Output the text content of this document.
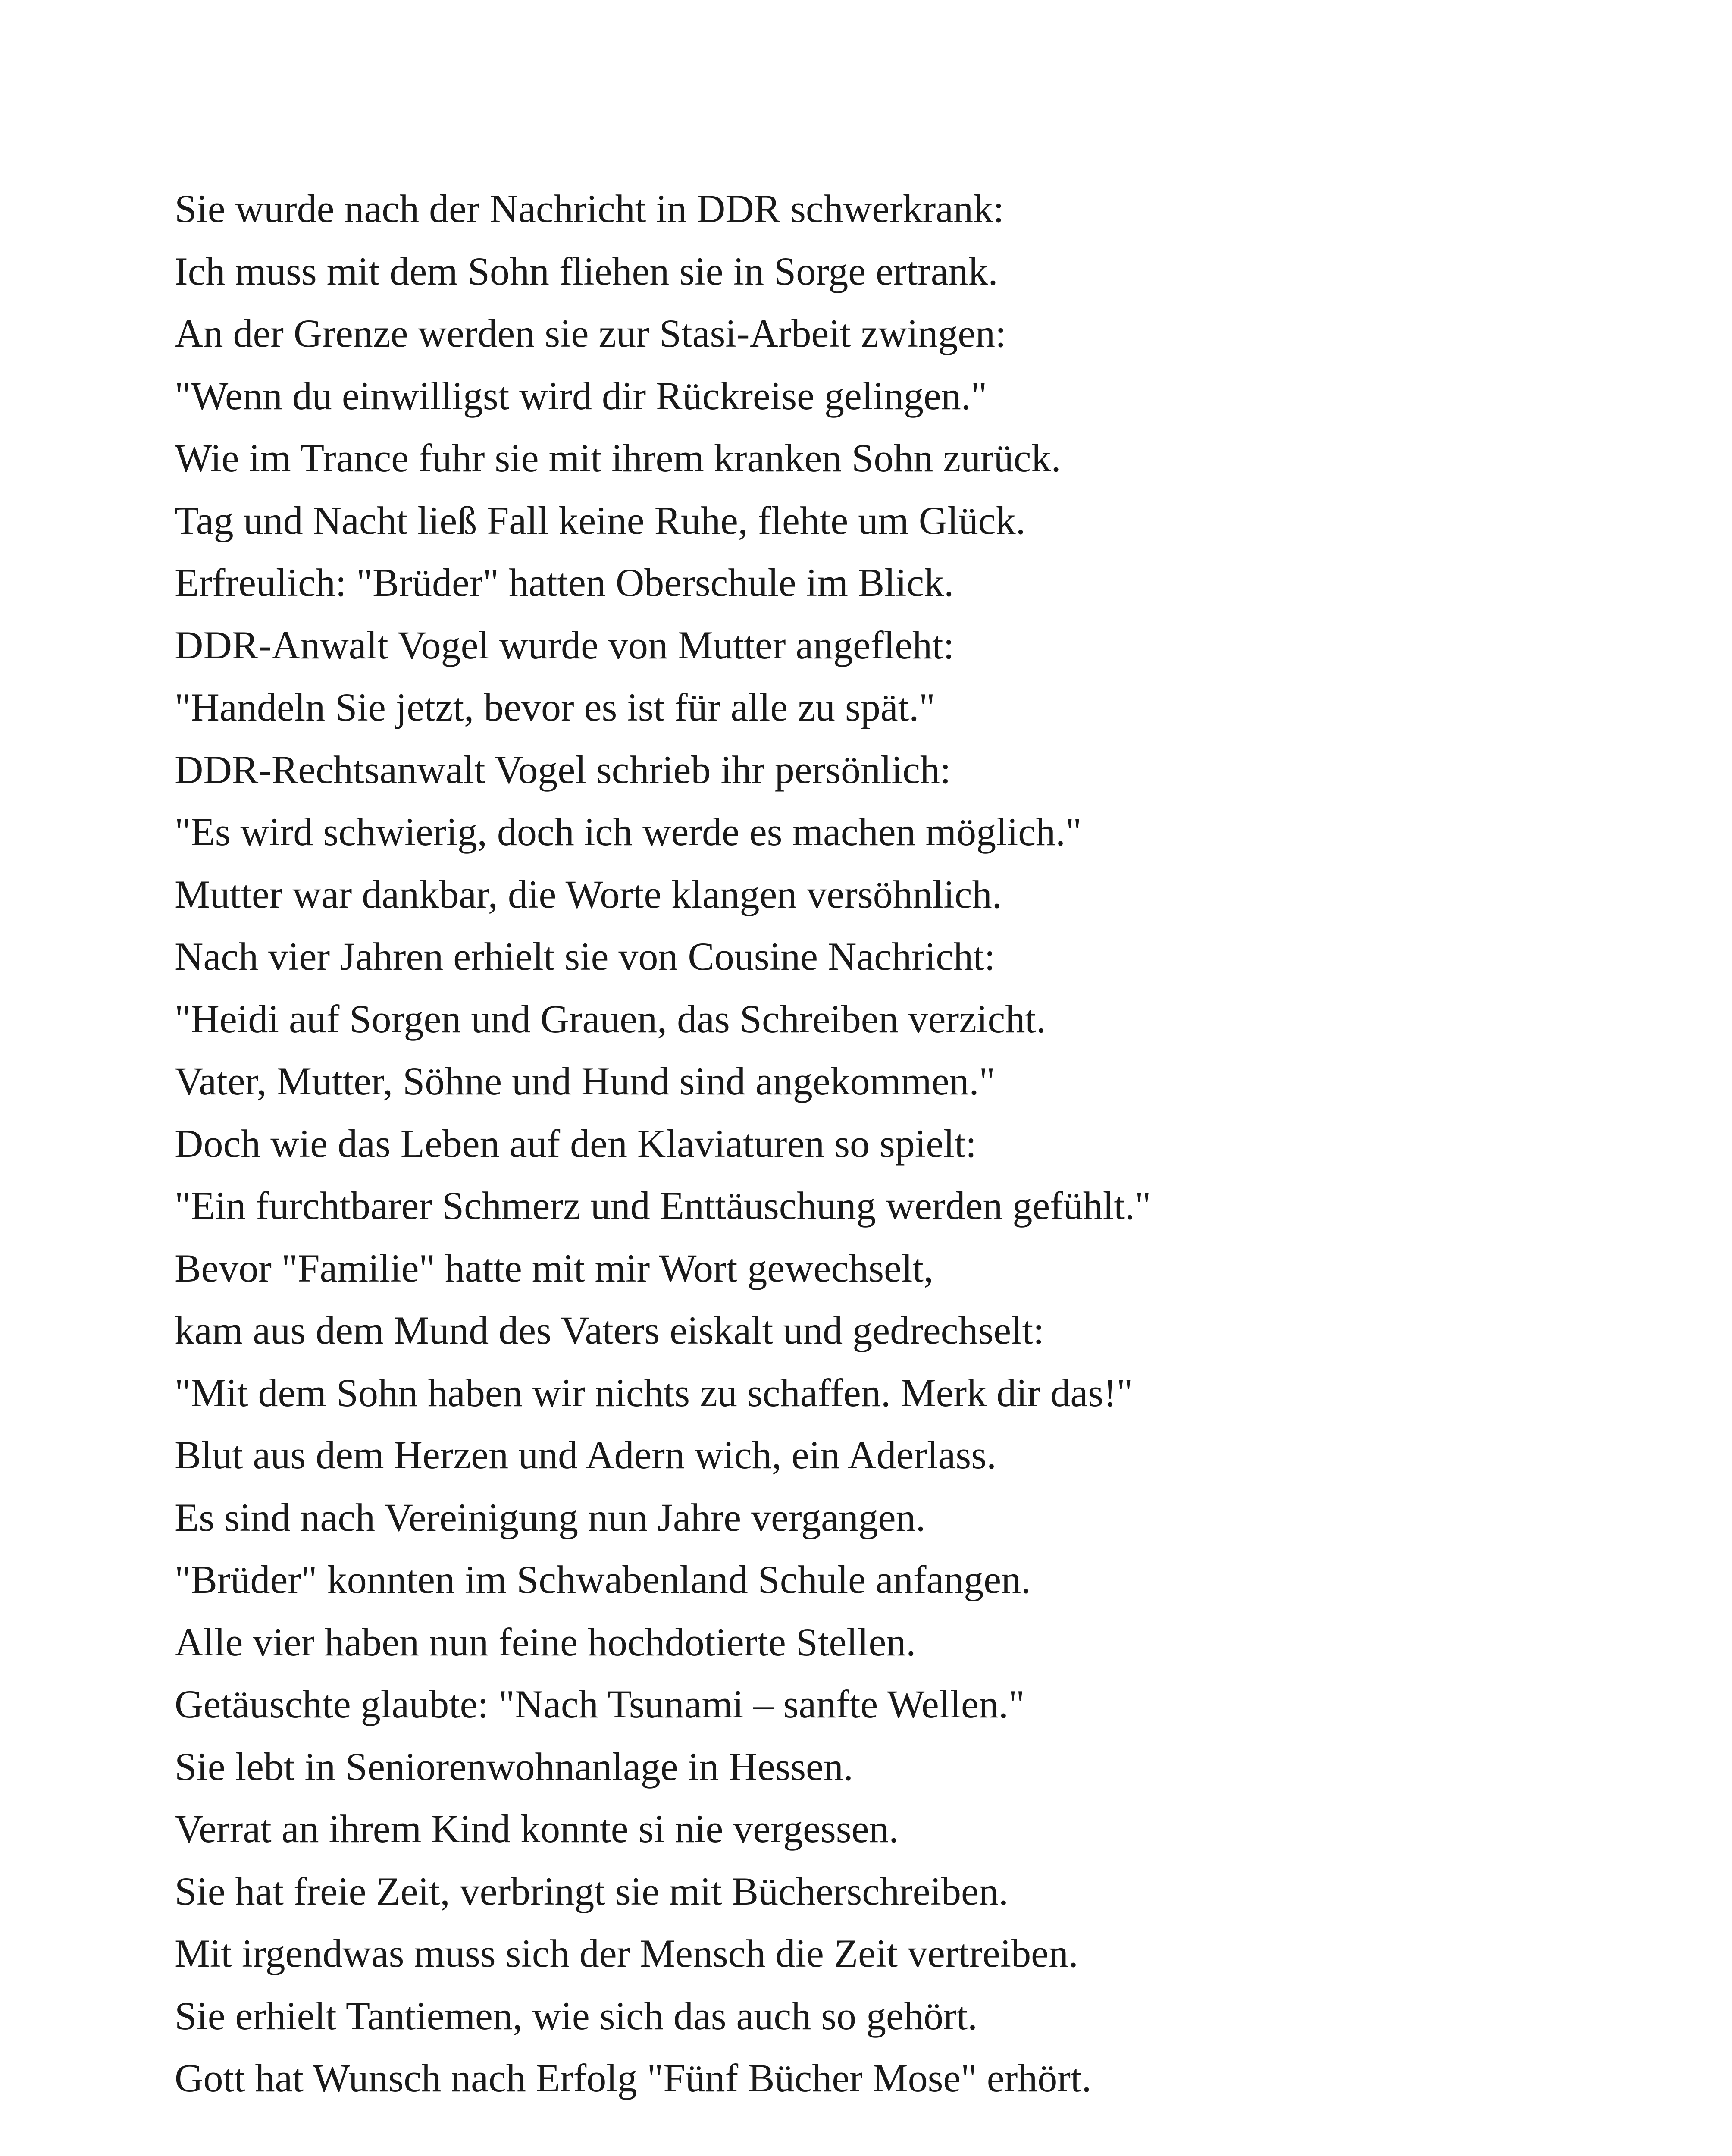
Sie wurde nach der Nachricht in DDR schwerkrank:
Ich muss mit dem Sohn fliehen sie in Sorge ertrank.
An der Grenze werden sie zur Stasi-Arbeit zwingen:
"Wenn du einwilligst wird dir Rückreise gelingen."
Wie im Trance fuhr sie mit ihrem kranken Sohn zurück.
Tag und Nacht ließ Fall keine Ruhe, flehte um Glück.
Erfreulich: "Brüder" hatten Oberschule im Blick.
DDR-Anwalt Vogel wurde von Mutter angefleht:
"Handeln Sie jetzt, bevor es ist für alle zu spät."
DDR-Rechtsanwalt Vogel schrieb ihr persönlich:
"Es wird schwierig, doch ich werde es machen möglich."
Mutter war dankbar, die Worte klangen versöhnlich.
Nach vier Jahren erhielt sie von Cousine Nachricht:
"Heidi auf Sorgen und Grauen, das Schreiben verzicht.
Vater, Mutter, Söhne und Hund sind angekommen."
Doch wie das Leben auf den Klaviaturen so spielt:
"Ein furchtbarer Schmerz und Enttäuschung werden gefühlt."
Bevor "Familie" hatte mit mir Wort gewechselt,
kam aus dem Mund des Vaters eiskalt und gedrechselt:
"Mit dem Sohn haben wir nichts zu schaffen. Merk dir das!"
Blut aus dem Herzen und Adern wich, ein Aderlass.
Es sind nach Vereinigung nun Jahre vergangen.
"Brüder" konnten im Schwabenland Schule anfangen.
Alle vier haben nun feine hochdotierte Stellen.
Getäuschte glaubte: "Nach Tsunami – sanfte Wellen."
Sie lebt in Seniorenwohnanlage in Hessen.
Verrat an ihrem Kind konnte si nie vergessen.
Sie hat freie Zeit, verbringt sie mit Bücherschreiben.
Mit irgendwas muss sich der Mensch die Zeit vertreiben.
Sie erhielt Tantiemen, wie sich das auch so gehört.
Gott hat Wunsch nach Erfolg "Fünf Bücher Mose" erhört.
